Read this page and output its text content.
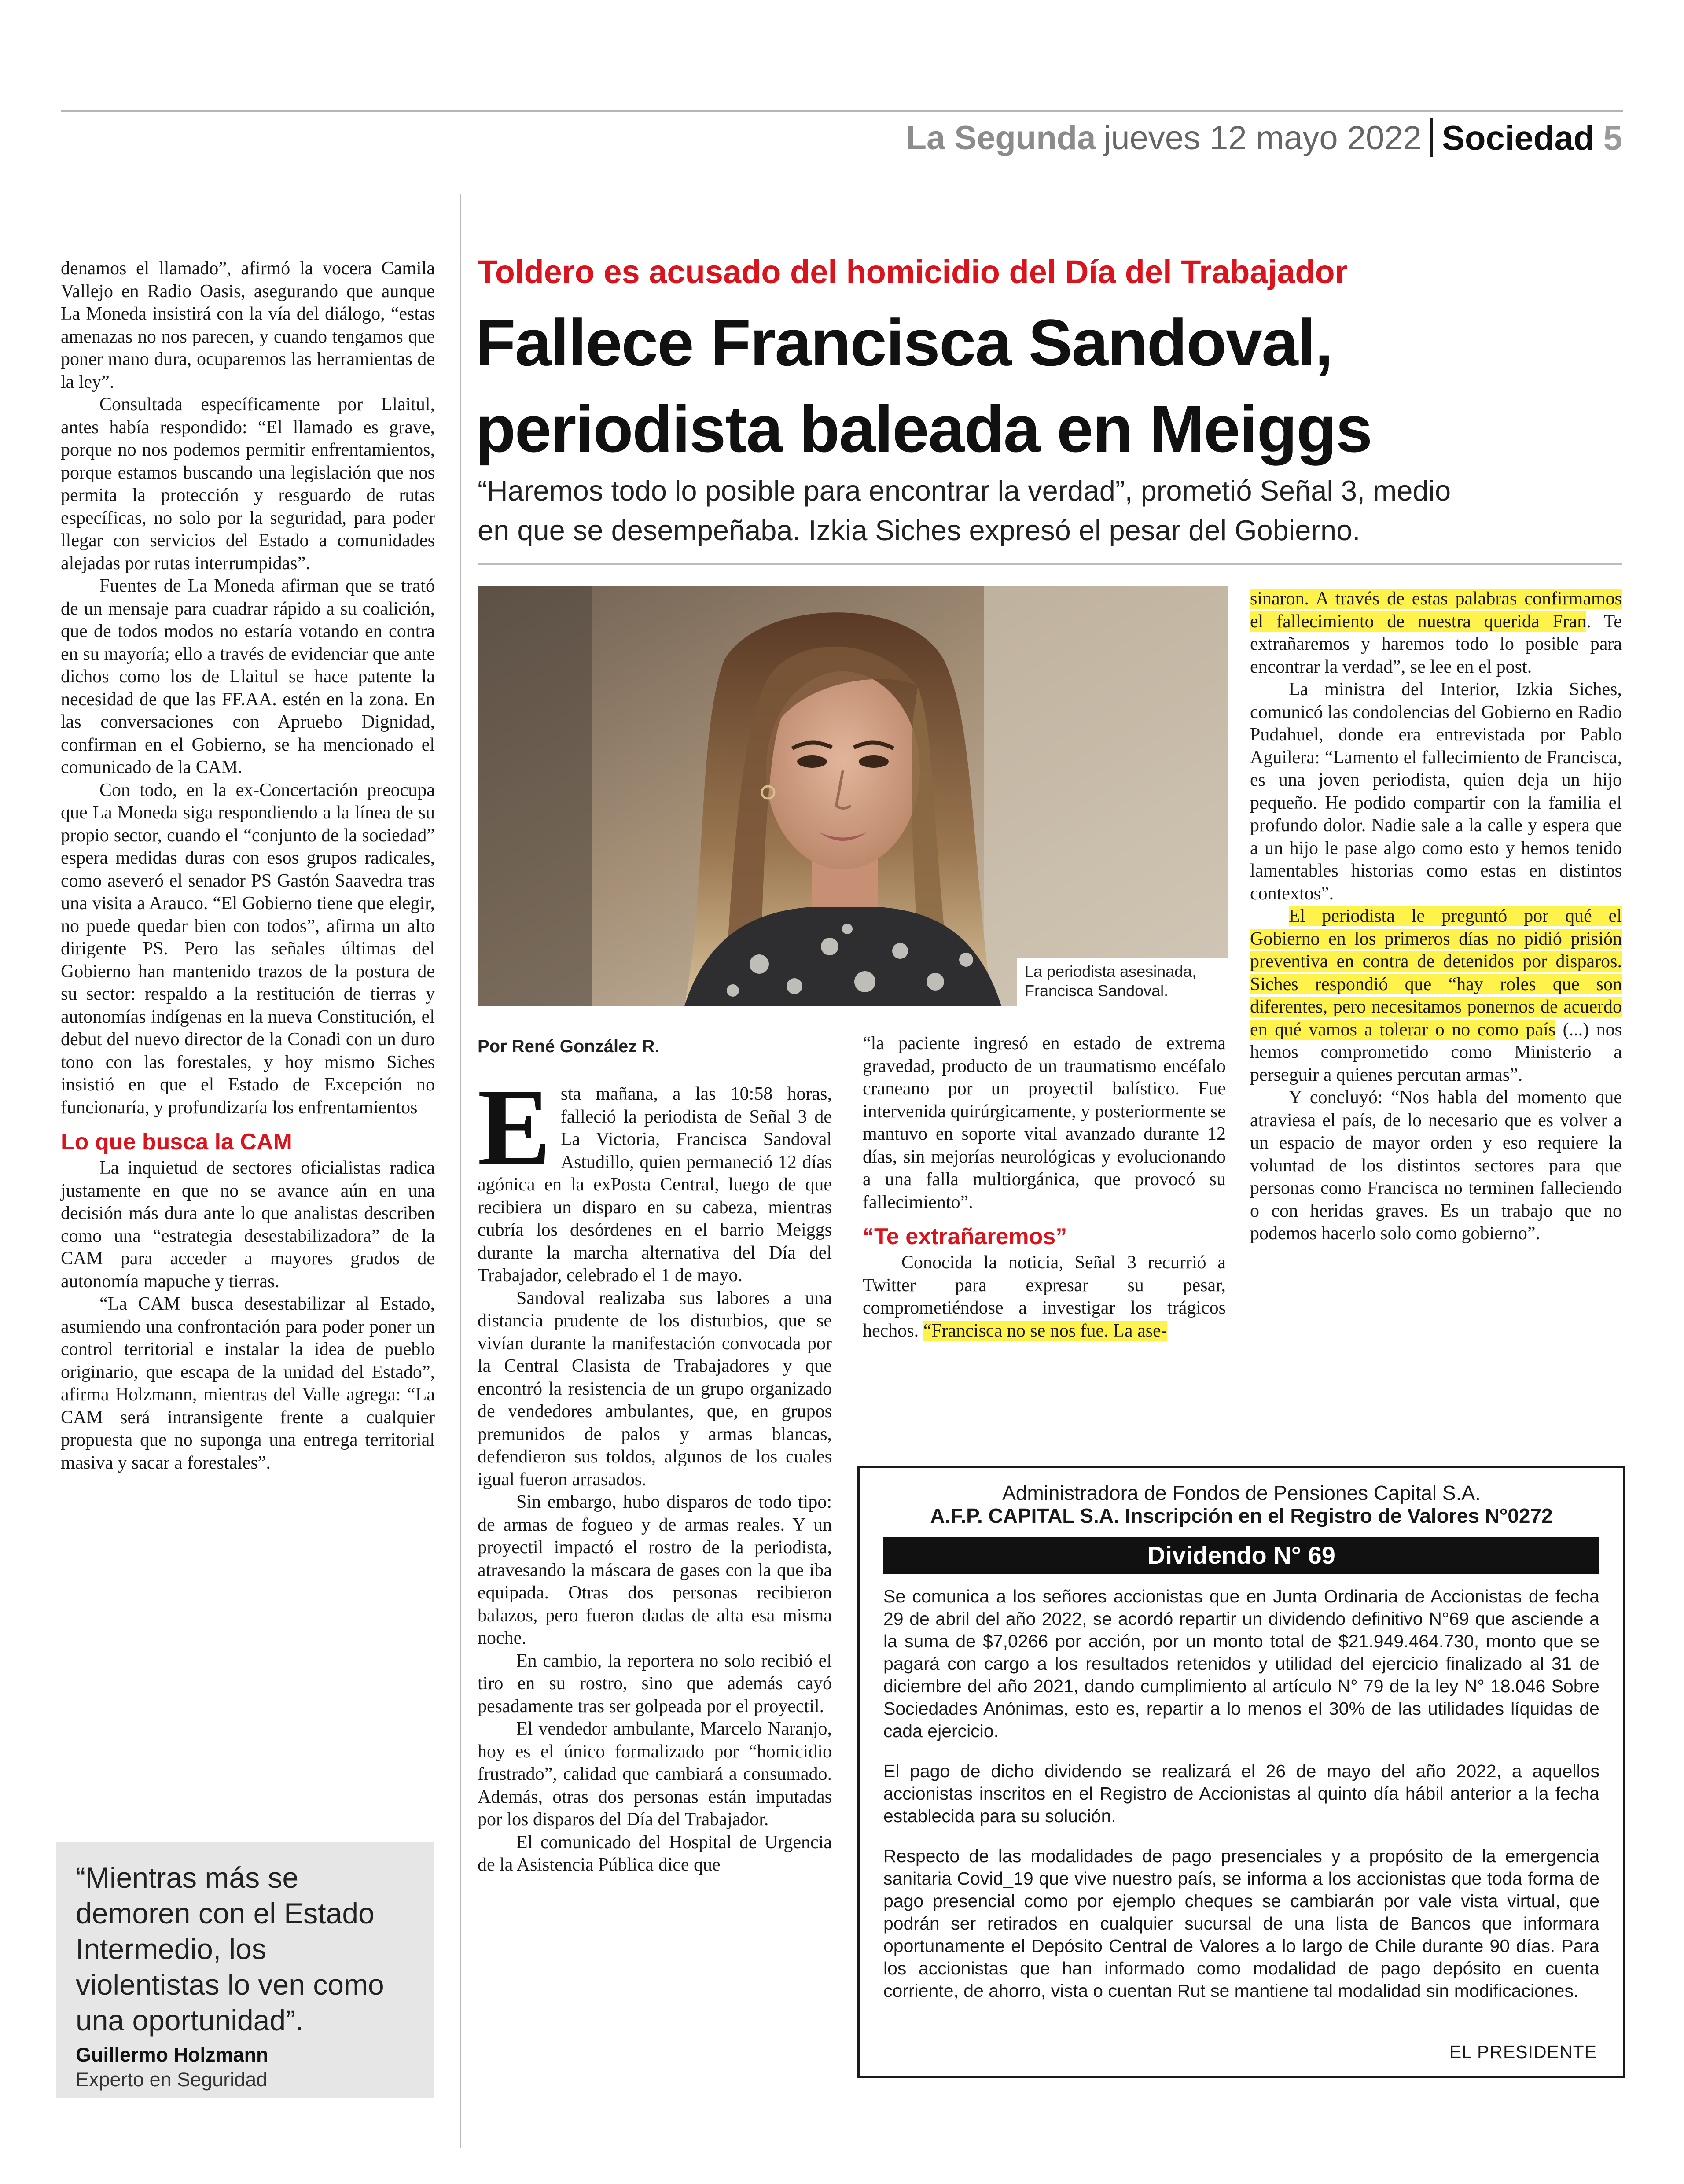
La Segunda jueves 12 mayo 2022 Sociedad 5

denamos el llamado”, afirmó la vocera Camila Vallejo en Radio Oasis, asegurando que aunque La Moneda insistirá con la vía del diálogo, “estas amenazas no nos parecen, y cuando tengamos que poner mano dura, ocuparemos las herramientas de la ley”.

Consultada específicamente por Llaitul, antes había respondido: “El llamado es grave, porque no nos podemos permitir enfrentamientos, porque estamos buscando una legislación que nos permita la protección y resguardo de rutas específicas, no solo por la seguridad, para poder llegar con servicios del Estado a comunidades alejadas por rutas interrumpidas”.

Fuentes de La Moneda afirman que se trató de un mensaje para cuadrar rápido a su coalición, que de todos modos no estaría votando en contra en su mayoría; ello a través de evidenciar que ante dichos como los de Llaitul se hace patente la necesidad de que las FF.AA. estén en la zona. En las conversaciones con Apruebo Dignidad, confirman en el Gobierno, se ha mencionado el comunicado de la CAM.

Con todo, en la ex-Concertación preocupa que La Moneda siga respondiendo a la línea de su propio sector, cuando el “conjunto de la sociedad” espera medidas duras con esos grupos radicales, como aseveró el senador PS Gastón Saavedra tras una visita a Arauco. “El Gobierno tiene que elegir, no puede quedar bien con todos”, afirma un alto dirigente PS. Pero las señales últimas del Gobierno han mantenido trazos de la postura de su sector: respaldo a la restitución de tierras y autonomías indígenas en la nueva Constitución, el debut del nuevo director de la Conadi con un duro tono con las forestales, y hoy mismo Siches insistió en que el Estado de Excepción no funcionaría, y profundizaría los enfrentamientos

Lo que busca la CAM

La inquietud de sectores oficialistas radica justamente en que no se avance aún en una decisión más dura ante lo que analistas describen como una “estrategia desestabilizadora” de la CAM para acceder a mayores grados de autonomía mapuche y tierras.

“La CAM busca desestabilizar al Estado, asumiendo una confrontación para poder poner un control territorial e instalar la idea de pueblo originario, que escapa de la unidad del Estado”, afirma Holzmann, mientras del Valle agrega: “La CAM será intransigente frente a cualquier propuesta que no suponga una entrega territorial masiva y sacar a forestales”.

“Mientras más se demoren con el Estado Intermedio, los violentistas lo ven como una oportunidad”.
Guillermo Holzmann
Experto en Seguridad
Toldero es acusado del homicidio del Día del Trabajador
Fallece Francisca Sandoval,
periodista baleada en Meiggs
“Haremos todo lo posible para encontrar la verdad”, prometió Señal 3, medio
en que se desempeñaba. Izkia Siches expresó el pesar del Gobierno.
La periodista asesinada, Francisca Sandoval.
Por René González R.

Esta mañana, a las 10:58 horas, falleció la periodista de Señal 3 de La Victoria, Francisca Sandoval Astudillo, quien permaneció 12 días agónica en la exPosta Central, luego de que recibiera un disparo en su cabeza, mientras cubría los desórdenes en el barrio Meiggs durante la marcha alternativa del Día del Trabajador, celebrado el 1 de mayo.

Sandoval realizaba sus labores a una distancia prudente de los disturbios, que se vivían durante la manifestación convocada por la Central Clasista de Trabajadores y que encontró la resistencia de un grupo organizado de vendedores ambulantes, que, en grupos premunidos de palos y armas blancas, defendieron sus toldos, algunos de los cuales igual fueron arrasados.

Sin embargo, hubo disparos de todo tipo: de armas de fogueo y de armas reales. Y un proyectil impactó el rostro de la periodista, atravesando la máscara de gases con la que iba equipada. Otras dos personas recibieron balazos, pero fueron dadas de alta esa misma noche.

En cambio, la reportera no solo recibió el tiro en su rostro, sino que además cayó pesadamente tras ser golpeada por el proyectil.

El vendedor ambulante, Marcelo Naranjo, hoy es el único formalizado por “homicidio frustrado”, calidad que cambiará a consumado. Además, otras dos personas están imputadas por los disparos del Día del Trabajador.

El comunicado del Hospital de Urgencia de la Asistencia Pública dice que

“la paciente ingresó en estado de extrema gravedad, producto de un traumatismo encéfalo craneano por un proyectil balístico. Fue intervenida quirúrgicamente, y posteriormente se mantuvo en soporte vital avanzado durante 12 días, sin mejorías neurológicas y evolucionando a una falla multiorgánica, que provocó su fallecimiento”.

“Te extrañaremos”

Conocida la noticia, Señal 3 recurrió a Twitter para expresar su pesar, comprometiéndose a investigar los trágicos hechos. “Francisca no se nos fue. La ase-

sinaron. A través de estas palabras confirmamos el fallecimiento de nuestra querida Fran. Te extrañaremos y haremos todo lo posible para encontrar la verdad”, se lee en el post.

La ministra del Interior, Izkia Siches, comunicó las condolencias del Gobierno en Radio Pudahuel, donde era entrevistada por Pablo Aguilera: “Lamento el fallecimiento de Francisca, es una joven periodista, quien deja un hijo pequeño. He podido compartir con la familia el profundo dolor. Nadie sale a la calle y espera que a un hijo le pase algo como esto y hemos tenido lamentables historias como estas en distintos contextos”.

El periodista le preguntó por qué el Gobierno en los primeros días no pidió prisión preventiva en contra de detenidos por disparos. Siches respondió que “hay roles que son diferentes, pero necesitamos ponernos de acuerdo en qué vamos a tolerar o no como país (...) nos hemos comprometido como Ministerio a perseguir a quienes percutan armas”.

Y concluyó: “Nos habla del momento que atraviesa el país, de lo necesario que es volver a un espacio de mayor orden y eso requiere la voluntad de los distintos sectores para que personas como Francisca no terminen falleciendo o con heridas graves. Es un trabajo que no podemos hacerlo solo como gobierno”.

Administradora de Fondos de Pensiones Capital S.A.
A.F.P. CAPITAL S.A. Inscripción en el Registro de Valores N°0272
Dividendo N° 69

Se comunica a los señores accionistas que en Junta Ordinaria de Accionistas de fecha 29 de abril del año 2022, se acordó repartir un dividendo definitivo N°69 que asciende a la suma de $7,0266 por acción, por un monto total de $21.949.464.730, monto que se pagará con cargo a los resultados retenidos y utilidad del ejercicio finalizado al 31 de diciembre del año 2021, dando cumplimiento al artículo N° 79 de la ley N° 18.046 Sobre Sociedades Anónimas, esto es, repartir a lo menos el 30% de las utilidades líquidas de cada ejercicio.

El pago de dicho dividendo se realizará el 26 de mayo del año 2022, a aquellos accionistas inscritos en el Registro de Accionistas al quinto día hábil anterior a la fecha establecida para su solución.

Respecto de las modalidades de pago presenciales y a propósito de la emergencia sanitaria Covid_19 que vive nuestro país, se informa a los accionistas que toda forma de pago presencial como por ejemplo cheques se cambiarán por vale vista virtual, que podrán ser retirados en cualquier sucursal de una lista de Bancos que informara oportunamente el Depósito Central de Valores a lo largo de Chile durante 90 días. Para los accionistas que han informado como modalidad de pago depósito en cuenta corriente, de ahorro, vista o cuentan Rut se mantiene tal modalidad sin modificaciones.

EL PRESIDENTE
